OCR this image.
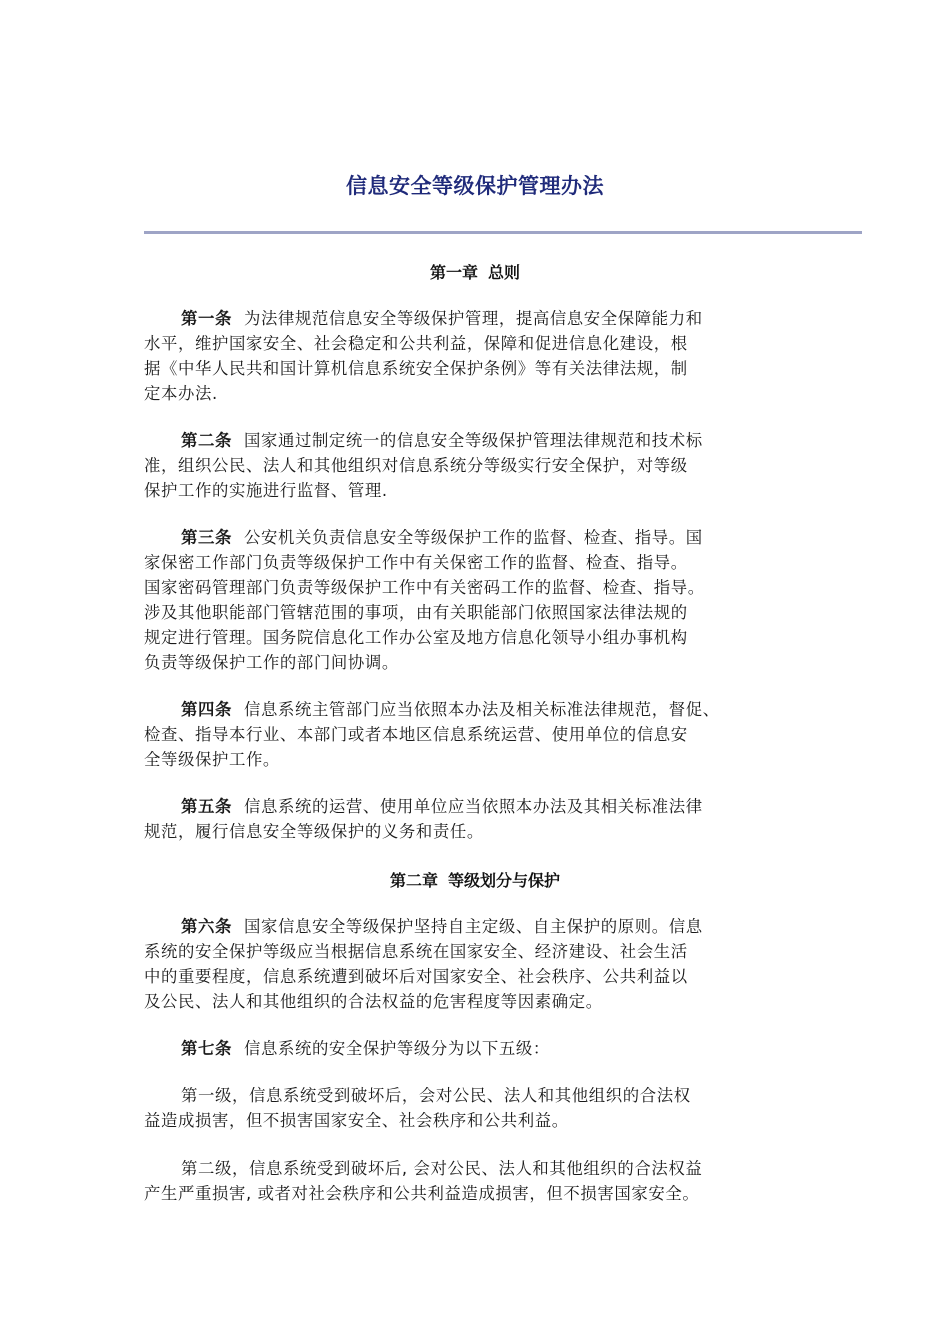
信息安全等级保护管理办法
第一章 总则
第一条 为法律规范信息安全等级保护管理，提高信息安全保障能力和
水平，维护国家安全、社会稳定和公共利益，保障和促进信息化建设，根
据《中华人民共和国计算机信息系统安全保护条例》等有关法律法规，制
定本办法.
第二条 国家通过制定统一的信息安全等级保护管理法律规范和技术标
准，组织公民、法人和其他组织对信息系统分等级实行安全保护，对等级
保护工作的实施进行监督、管理.
第三条 公安机关负责信息安全等级保护工作的监督、检查、指导。国
家保密工作部门负责等级保护工作中有关保密工作的监督、检查、指导。
国家密码管理部门负责等级保护工作中有关密码工作的监督、检查、指导。
涉及其他职能部门管辖范围的事项，由有关职能部门依照国家法律法规的
规定进行管理。国务院信息化工作办公室及地方信息化领导小组办事机构
负责等级保护工作的部门间协调。
第四条 信息系统主管部门应当依照本办法及相关标准法律规范，督促、
检查、指导本行业、本部门或者本地区信息系统运营、使用单位的信息安
全等级保护工作。
第五条 信息系统的运营、使用单位应当依照本办法及其相关标准法律
规范，履行信息安全等级保护的义务和责任。
第二章 等级划分与保护
第六条 国家信息安全等级保护坚持自主定级、自主保护的原则。信息
系统的安全保护等级应当根据信息系统在国家安全、经济建设、社会生活
中的重要程度，信息系统遭到破坏后对国家安全、社会秩序、公共利益以
及公民、法人和其他组织的合法权益的危害程度等因素确定。
第七条 信息系统的安全保护等级分为以下五级：
第一级，信息系统受到破坏后，会对公民、法人和其他组织的合法权
益造成损害，但不损害国家安全、社会秩序和公共利益。
第二级，信息系统受到破坏后, 会对公民、法人和其他组织的合法权益
产生严重损害, 或者对社会秩序和公共利益造成损害，但不损害国家安全。
